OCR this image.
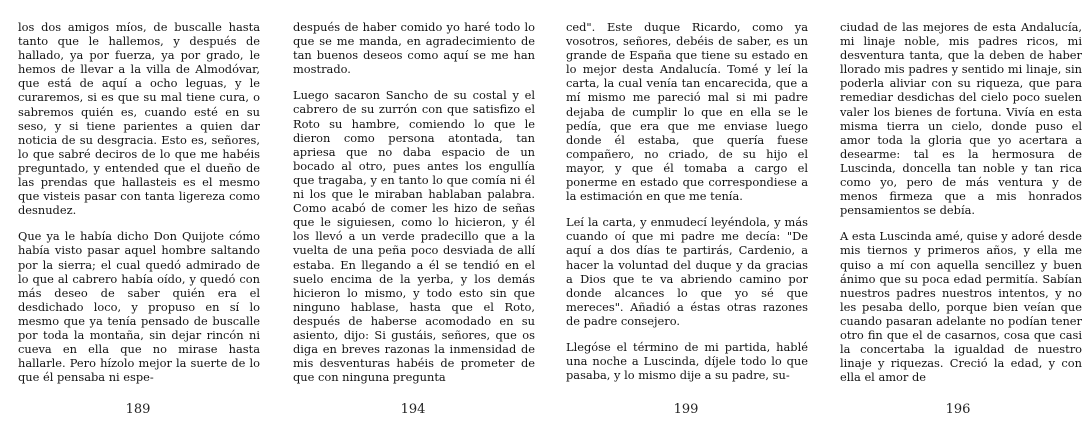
los dos amigos míos, de buscalle hasta tanto que le hallemos, y después de hallado, ya por fuerza, ya por grado, le hemos de llevar a la villa de Almodóvar, que está de aquí a ocho leguas, y le curaremos, si es que su mal tiene cura, o sabremos quién es, cuando esté en su seso, y si tiene parientes a quien dar noticia de su desgracia. Esto es, señores, lo que sabré deciros de lo que me habéis preguntado, y entended que el dueño de las prendas que hallasteis es el mesmo que visteis pasar con tanta ligereza como desnudez.

Que ya le había dicho Don Quijote cómo había visto pasar aquel hombre saltando por la sierra; el cual quedó admirado de lo que al cabrero había oído, y quedó con más deseo de saber quién era el desdichado loco, y propuso en sí lo mesmo que ya tenía pensado de buscalle por toda la montaña, sin dejar rincón ni cueva en ella que no mirase hasta hallarle. Pero hízolo mejor la suerte de lo que él pensaba ni espe-

189

después de haber comido yo haré todo lo que se me manda, en agradecimiento de tan buenos deseos como aquí se me han mostrado.

Luego sacaron Sancho de su costal y el cabrero de su zurrón con que satisfizo el Roto su hambre, comiendo lo que le dieron como persona atontada, tan apriesa que no daba espacio de un bocado al otro, pues antes los engullía que tragaba, y en tanto lo que comía ni él ni los que le miraban hablaban palabra. Como acabó de comer les hizo de señas que le siguiesen, como lo hicieron, y él los llevó a un verde pradecillo que a la vuelta de una peña poco desviada de allí estaba. En llegando a él se tendió en el suelo encima de la yerba, y los demás hicieron lo mismo, y todo esto sin que ninguno hablase, hasta que el Roto, después de haberse acomodado en su asiento, dijo: Si gustáis, señores, que os diga en breves razonas la inmensidad de mis desventuras habéis de prometer de que con ninguna pregunta

194

ced". Este duque Ricardo, como ya vosotros, señores, debéis de saber, es un grande de España que tiene su estado en lo mejor desta Andalucía. Tomé y leí la carta, la cual venía tan encarecida, que a mí mismo me pareció mal si mi padre dejaba de cumplir lo que en ella se le pedía, que era que me enviase luego donde él estaba, que quería fuese compañero, no criado, de su hijo el mayor, y que él tomaba a cargo el ponerme en estado que correspondiese a la estimación en que me tenía.

Leí la carta, y enmudecí leyéndola, y más cuando oí que mi padre me decía: "De aquí a dos días te partirás, Cardenio, a hacer la voluntad del duque y da gracias a Dios que te va abriendo camino por donde alcances lo que yo sé que mereces". Añadió a éstas otras razones de padre consejero.

Llegóse el término de mi partida, hablé una noche a Luscinda, díjele todo lo que pasaba, y lo mismo dije a su padre, su-

199

ciudad de las mejores de esta Andalucía, mi linaje noble, mis padres ricos, mi desventura tanta, que la deben de haber llorado mis padres y sentido mi linaje, sin poderla aliviar con su riqueza, que para remediar desdichas del cielo poco suelen valer los bienes de fortuna. Vivía en esta misma tierra un cielo, donde puso el amor toda la gloria que yo acertara a desearme: tal es la hermosura de Luscinda, doncella tan noble y tan rica como yo, pero de más ventura y de menos firmeza que a mis honrados pensamientos se debía.

A esta Luscinda amé, quise y adoré desde mis tiernos y primeros años, y ella me quiso a mí con aquella sencillez y buen ánimo que su poca edad permitía. Sabían nuestros padres nuestros intentos, y no les pesaba dello, porque bien veían que cuando pasaran adelante no podían tener otro fin que el de casarnos, cosa que casi la concertaba la igualdad de nuestro linaje y riquezas. Creció la edad, y con ella el amor de

196
